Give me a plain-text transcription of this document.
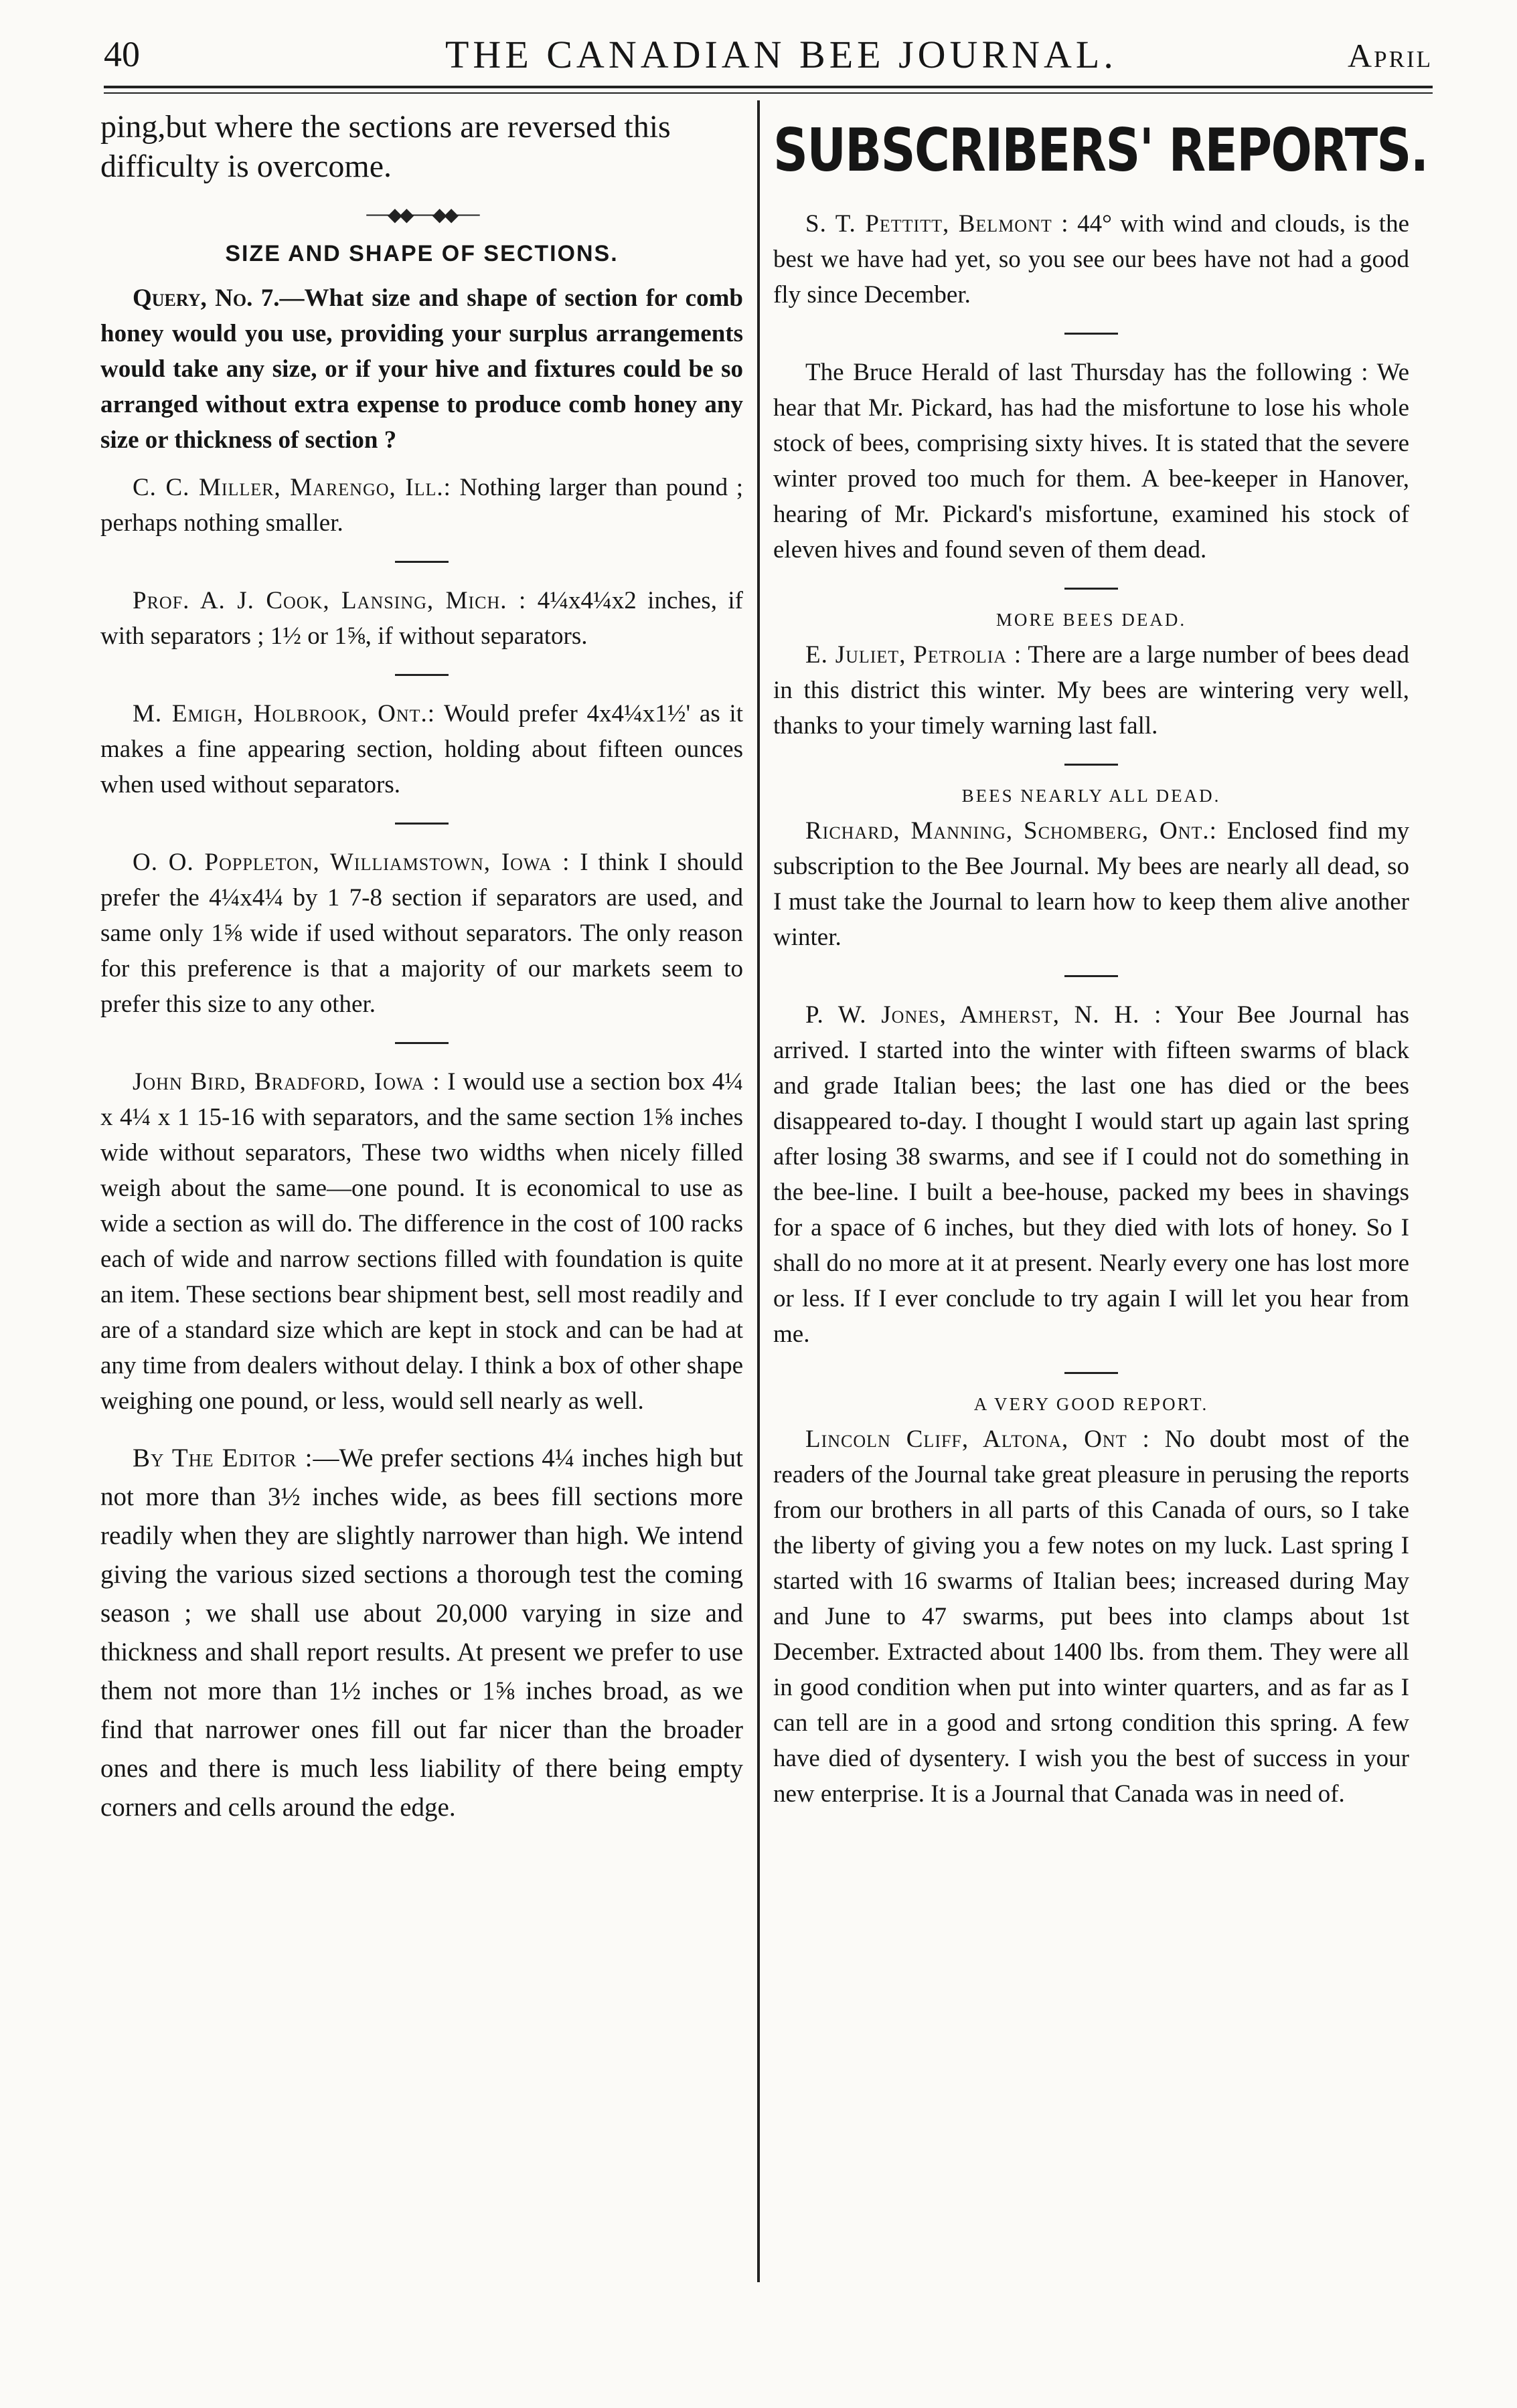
40	THE CANADIAN BEE JOURNAL.	April

ping,but where the sections are reversed this difficulty is overcome.

──◆◆──◆◆──
SIZE AND SHAPE OF SECTIONS.

Query, No. 7.—What size and shape of section for comb honey would you use, providing your surplus arrangements would take any size, or if your hive and fixtures could be so arranged without extra expense to produce comb honey any size or thickness of section ?

C. C. Miller, Marengo, Ill.: Nothing larger than pound ; perhaps nothing smaller.

Prof. A. J. Cook, Lansing, Mich. : 4¼x4¼x2 inches, if with separators ; 1½ or 1⅝, if without separators.

M. Emigh, Holbrook, Ont.: Would prefer 4x4¼x1½' as it makes a fine appearing section, holding about fifteen ounces when used without separators.

O. O. Poppleton, Williamstown, Iowa : I think I should prefer the 4¼x4¼ by 1 7-8 section if separators are used, and same only 1⅝ wide if used without separators. The only reason for this preference is that a majority of our markets seem to prefer this size to any other.

John Bird, Bradford, Iowa : I would use a section box 4¼ x 4¼ x 1 15-16 with separators, and the same section 1⅝ inches wide without separators, These two widths when nicely filled weigh about the same—one pound. It is economical to use as wide a section as will do. The difference in the cost of 100 racks each of wide and narrow sections filled with foundation is quite an item. These sections bear shipment best, sell most readily and are of a standard size which are kept in stock and can be had at any time from dealers without delay. I think a box of other shape weighing one pound, or less, would sell nearly as well.

By The Editor :—We prefer sections 4¼ inches high but not more than 3½ inches wide, as bees fill sections more readily when they are slightly narrower than high. We intend giving the various sized sections a thorough test the coming season ; we shall use about 20,000 varying in size and thickness and shall report results. At present we prefer to use them not more than 1½ inches or 1⅝ inches broad, as we find that narrower ones fill out far nicer than the broader ones and there is much less liability of there being empty corners and cells around the edge.

SUBSCRIBERS' REPORTS.

S. T. Pettitt, Belmont : 44° with wind and clouds, is the best we have had yet, so you see our bees have not had a good fly since December.

The Bruce Herald of last Thursday has the following : We hear that Mr. Pickard, has had the misfortune to lose his whole stock of bees, comprising sixty hives. It is stated that the severe winter proved too much for them. A bee-keeper in Hanover, hearing of Mr. Pickard's misfortune, examined his stock of eleven hives and found seven of them dead.

MORE BEES DEAD.

E. Juliet, Petrolia : There are a large number of bees dead in this district this winter. My bees are wintering very well, thanks to your timely warning last fall.

BEES NEARLY ALL DEAD.

Richard, Manning, Schomberg, Ont.: Enclosed find my subscription to the Bee Journal. My bees are nearly all dead, so I must take the Journal to learn how to keep them alive another winter.

P. W. Jones, Amherst, N. H. : Your Bee Journal has arrived. I started into the winter with fifteen swarms of black and grade Italian bees; the last one has died or the bees disappeared to-day. I thought I would start up again last spring after losing 38 swarms, and see if I could not do something in the bee-line. I built a bee-house, packed my bees in shavings for a space of 6 inches, but they died with lots of honey. So I shall do no more at it at present. Nearly every one has lost more or less. If I ever conclude to try again I will let you hear from me.

A VERY GOOD REPORT.

Lincoln Cliff, Altona, Ont : No doubt most of the readers of the Journal take great pleasure in perusing the reports from our brothers in all parts of this Canada of ours, so I take the liberty of giving you a few notes on my luck. Last spring I started with 16 swarms of Italian bees; increased during May and June to 47 swarms, put bees into clamps about 1st December. Extracted about 1400 lbs. from them. They were all in good condition when put into winter quarters, and as far as I can tell are in a good and srtong condition this spring. A few have died of dysentery. I wish you the best of success in your new enterprise. It is a Journal that Canada was in need of.
